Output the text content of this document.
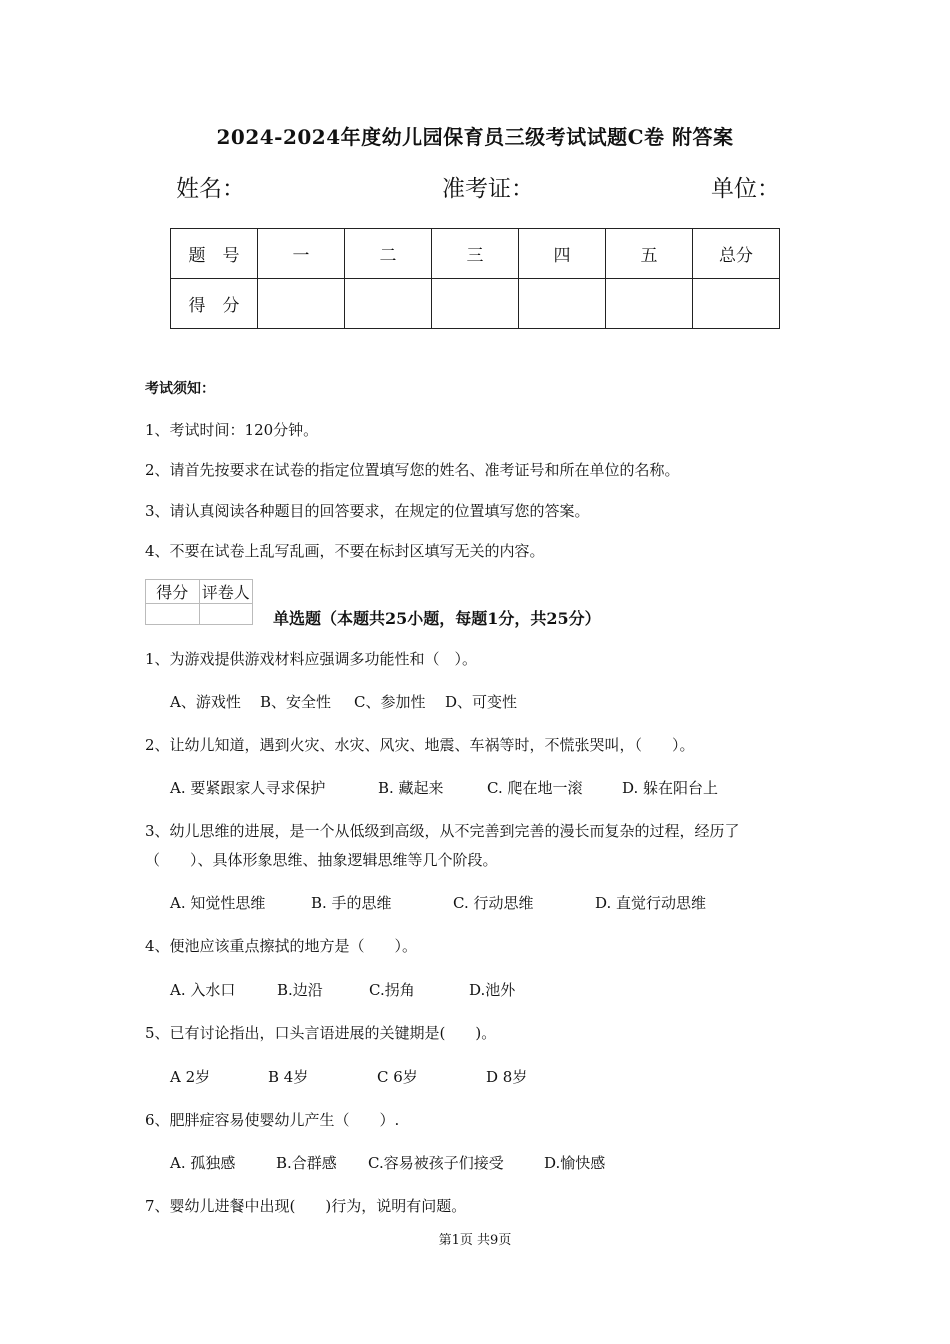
2024-2024年度幼儿园保育员三级考试试题C卷 附答案
姓名：	准考证：	单位：
题　号	一	二	三	四	五	总分
得　分						
考试须知：
1、考试时间：120分钟。
2、请首先按要求在试卷的指定位置填写您的姓名、准考证号和所在单位的名称。
3、请认真阅读各种题目的回答要求，在规定的位置填写您的答案。
4、不要在试卷上乱写乱画，不要在标封区填写无关的内容。
得分	评卷人

单选题（本题共25小题，每题1分，共25分）
1、为游戏提供游戏材料应强调多功能性和（　）。
A、游戏性 B、安全性 C、参加性 D、可变性
2、让幼儿知道，遇到火灾、水灾、风灾、地震、车祸等时，不慌张哭叫，（　　）。
A. 要紧跟家人寻求保护	B. 藏起来	C. 爬在地一滚	D. 躲在阳台上
3、幼儿思维的进展，是一个从低级到高级，从不完善到完善的漫长而复杂的过程，经历了
（　　）、具体形象思维、抽象逻辑思维等几个阶段。
A. 知觉性思维	B. 手的思维	C. 行动思维	D. 直觉行动思维
4、便池应该重点擦拭的地方是（　　）。
A. 入水口	B.边沿	C.拐角	D.池外
5、已有讨论指出，口头言语进展的关键期是(　　)。
A 2岁	B 4岁	C 6岁	D 8岁
6、肥胖症容易使婴幼儿产生（　　）.
A. 孤独感	B.合群感 C.容易被孩子们接受	D.愉快感
7、婴幼儿进餐中出现(　　)行为，说明有问题。
第1页 共9页
